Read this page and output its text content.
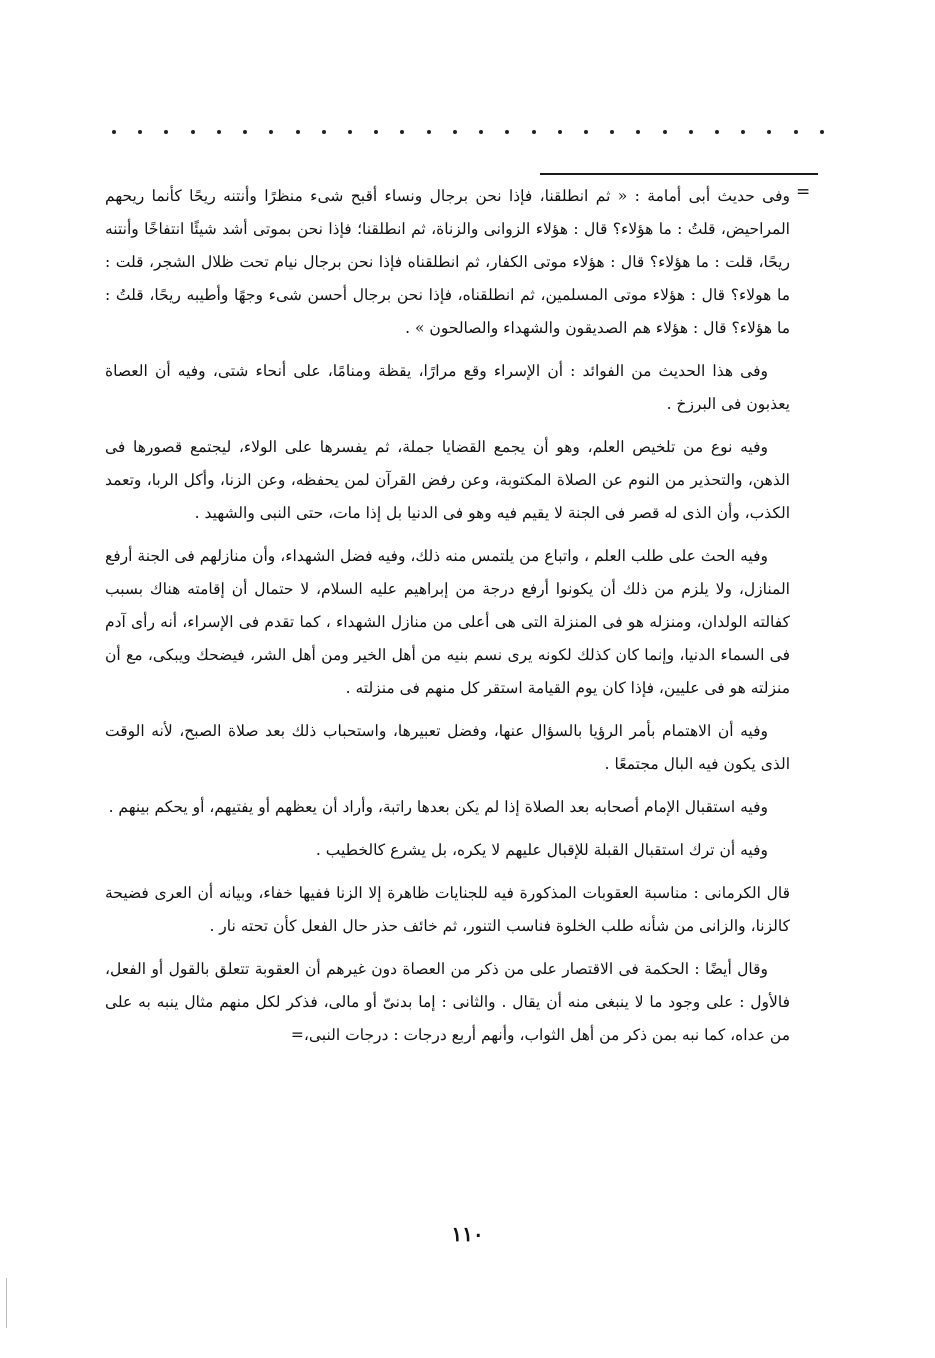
=

وفى حديث أبى أمامة : « ثم انطلقنا، فإذا نحن برجال ونساء أقبح شىء منظرًا وأنتنه ريحًا كأنما ريحهم المراحيض، قلتُ : ما هؤلاء؟ قال : هؤلاء الزوانى والزناة، ثم انطلقنا؛ فإذا نحن بموتى أشد شيئًا انتفاخًا وأنتنه ريحًا، قلت : ما هؤلاء؟ قال : هؤلاء موتى الكفار، ثم انطلقناه فإذا نحن برجال نيام تحت ظلال الشجر، قلت : ما هولاء؟ قال : هؤلاء موتى المسلمين، ثم انطلقناه، فإذا نحن برجال أحسن شىء وجهًا وأطيبه ريحًا، قلتُ : ما هؤلاء؟ قال : هؤلاء هم الصديقون والشهداء والصالحون » .

وفى هذا الحديث من الفوائد : أن الإسراء وقع مرارًا، يقظة ومنامًا، على أنحاء شتى، وفيه أن العصاة يعذبون فى البرزخ .

وفيه نوع من تلخيص العلم، وهو أن يجمع القضايا جملة، ثم يفسرها على الولاء، ليجتمع قصورها فى الذهن، والتحذير من النوم عن الصلاة المكتوبة، وعن رفض القرآن لمن يحفظه، وعن الزنا، وأكل الربا، وتعمد الكذب، وأن الذى له قصر فى الجنة لا يقيم فيه وهو فى الدنيا بل إذا مات، حتى النبى والشهيد .

وفيه الحث على طلب العلم ، واتباع من يلتمس منه ذلك، وفيه فضل الشهداء، وأن منازلهم فى الجنة أرفع المنازل، ولا يلزم من ذلك أن يكونوا أرفع درجة من إبراهيم عليه السلام، لا حتمال أن إقامته هناك بسبب كفالته الولدان، ومنزله هو فى المنزلة التى هى أعلى من منازل الشهداء ، كما تقدم فى الإسراء، أنه رأى آدم فى السماء الدنيا، وإنما كان كذلك لكونه يرى نسم بنيه من أهل الخير ومن أهل الشر، فيضحك ويبكى، مع أن منزلته هو فى عليين، فإذا كان يوم القيامة استقر كل منهم فى منزلته .

وفيه أن الاهتمام بأمر الرؤيا بالسؤال عنها، وفضل تعبيرها، واستحباب ذلك بعد صلاة الصبح، لأنه الوقت الذى يكون فيه البال مجتمعًا .

وفيه استقبال الإمام أصحابه بعد الصلاة إذا لم يكن بعدها راتبة، وأراد أن يعظهم أو يفتيهم، أو يحكم بينهم .

وفيه أن ترك استقبال القبلة للإقبال عليهم لا يكره، بل يشرع كالخطيب .

قال الكرمانى : مناسبة العقوبات المذكورة فيه للجنايات ظاهرة إلا الزنا ففيها خفاء، وبيانه أن العرى فضيحة كالزنا، والزانى من شأنه طلب الخلوة فناسب التنور، ثم خائف حذر حال الفعل كأن تحته نار .

وقال أيضًا : الحكمة فى الاقتصار على من ذكر من العصاة دون غيرهم أن العقوبة تتعلق بالقول أو الفعل، فالأول : على وجود ما لا ينبغى منه أن يقال . والثانى : إما بدنىّ أو مالى، فذكر لكل منهم مثال ينبه به على من عداه، كما نبه بمن ذكر من أهل الثواب، وأنهم أربع درجات : درجات النبى،=

١١٠
